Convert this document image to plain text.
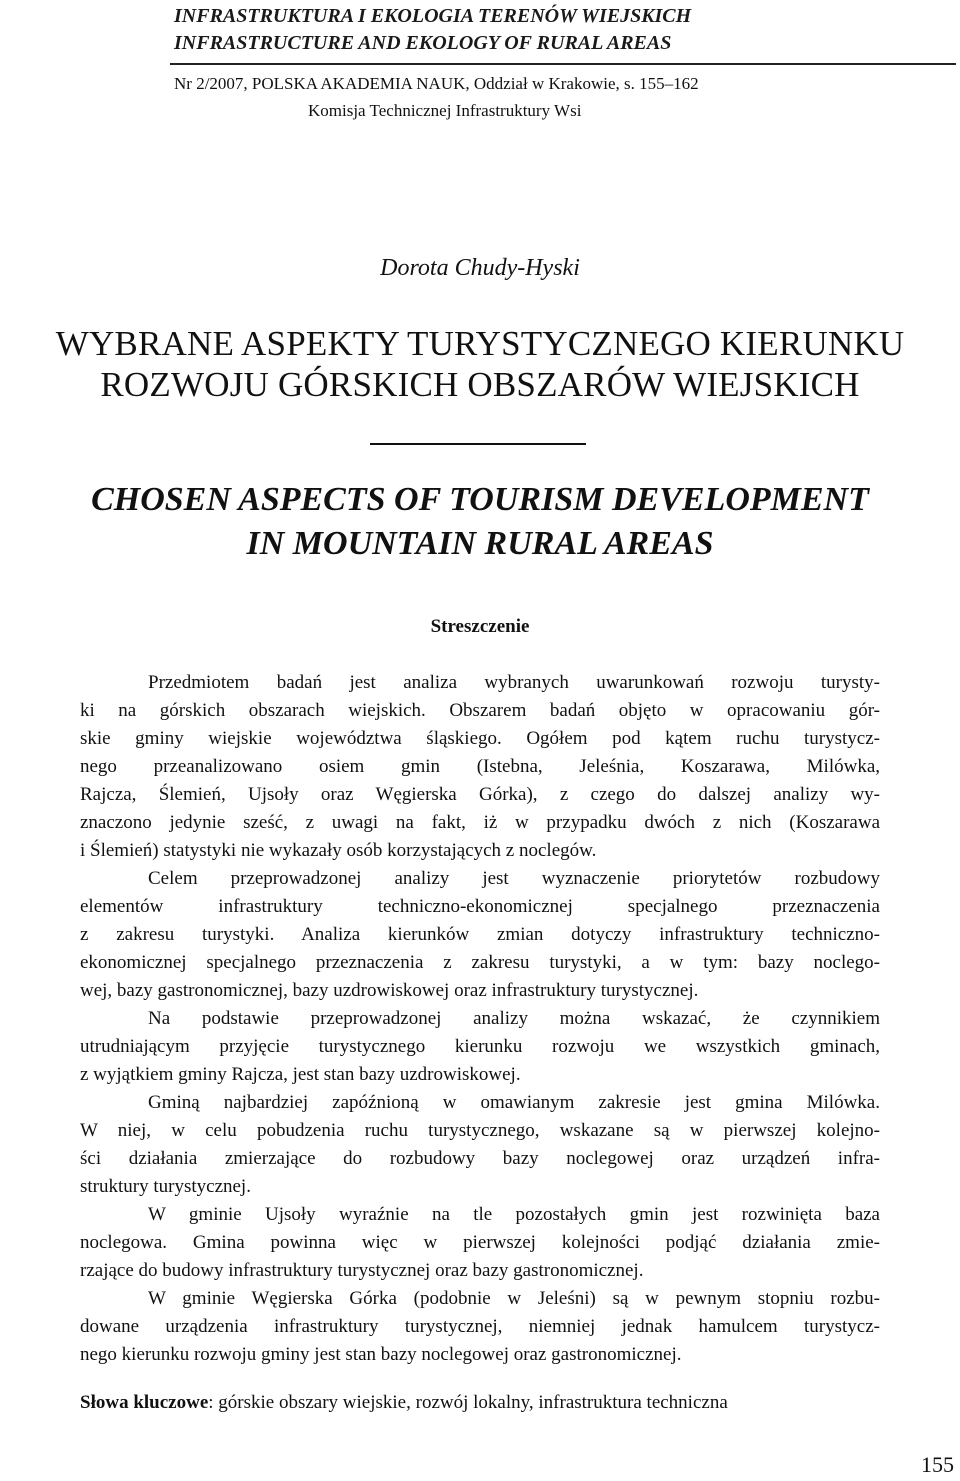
INFRASTRUKTURA I EKOLOGIA TERENÓW WIEJSKICH
INFRASTRUCTURE AND EKOLOGY OF RURAL AREAS
Nr 2/2007, POLSKA AKADEMIA NAUK, Oddział w Krakowie, s. 155–162
Komisja Technicznej Infrastruktury Wsi
Dorota Chudy-Hyski
WYBRANE ASPEKTY TURYSTYCZNEGO KIERUNKU
ROZWOJU GÓRSKICH OBSZARÓW WIEJSKICH
CHOSEN ASPECTS OF TOURISM DEVELOPMENT
IN MOUNTAIN RURAL AREAS
Streszczenie
Przedmiotem badań jest analiza wybranych uwarunkowań rozwoju turysty-
ki na górskich obszarach wiejskich. Obszarem badań objęto w opracowaniu gór-
skie gminy wiejskie województwa śląskiego. Ogółem pod kątem ruchu turystycz-
nego przeanalizowano osiem gmin (Istebna, Jeleśnia, Koszarawa, Milówka,
Rajcza, Ślemień, Ujsoły oraz Węgierska Górka), z czego do dalszej analizy wy-
znaczono jedynie sześć, z uwagi na fakt, iż w przypadku dwóch z nich (Koszarawa
i Ślemień) statystyki nie wykazały osób korzystających z noclegów.
Celem przeprowadzonej analizy jest wyznaczenie priorytetów rozbudowy
elementów infrastruktury techniczno-ekonomicznej specjalnego przeznaczenia
z zakresu turystyki. Analiza kierunków zmian dotyczy infrastruktury techniczno-
ekonomicznej specjalnego przeznaczenia z zakresu turystyki, a w tym: bazy noclego-
wej, bazy gastronomicznej, bazy uzdrowiskowej oraz infrastruktury turystycznej.
Na podstawie przeprowadzonej analizy można wskazać, że czynnikiem
utrudniającym przyjęcie turystycznego kierunku rozwoju we wszystkich gminach,
z wyjątkiem gminy Rajcza, jest stan bazy uzdrowiskowej.
Gminą najbardziej zapóźnioną w omawianym zakresie jest gmina Milówka.
W niej, w celu pobudzenia ruchu turystycznego, wskazane są w pierwszej kolejno-
ści działania zmierzające do rozbudowy bazy noclegowej oraz urządzeń infra-
struktury turystycznej.
W gminie Ujsoły wyraźnie na tle pozostałych gmin jest rozwinięta baza
noclegowa. Gmina powinna więc w pierwszej kolejności podjąć działania zmie-
rzające do budowy infrastruktury turystycznej oraz bazy gastronomicznej.
W gminie Węgierska Górka (podobnie w Jeleśni) są w pewnym stopniu rozbu-
dowane urządzenia infrastruktury turystycznej, niemniej jednak hamulcem turystycz-
nego kierunku rozwoju gminy jest stan bazy noclegowej oraz gastronomicznej.
Słowa kluczowe: górskie obszary wiejskie, rozwój lokalny, infrastruktura techniczna
155
